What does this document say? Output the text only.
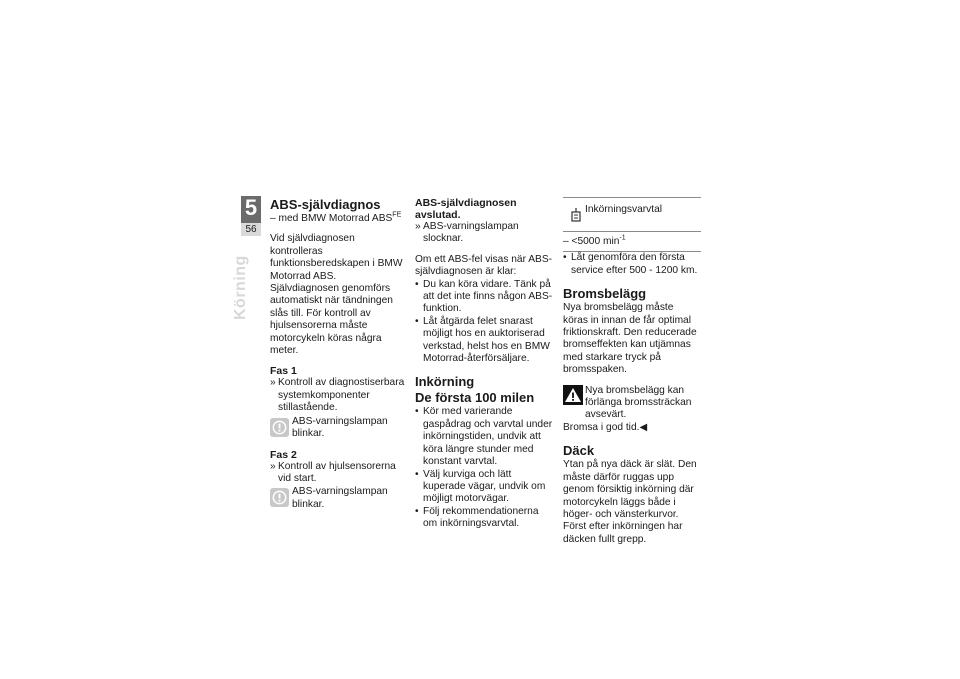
5
56
Körning
ABS-självdiagnos

– med BMW Motorrad $ABS^{FE}$

Vid självdiagnosen kontrolleras funktionsberedskapen i BMW Motorrad ABS. Självdiagnosen genomförs automatiskt när tändningen slås till. För kontroll av hjulsensorerna måste motorcykeln köras några meter.

Fas 1
» Kontroll av diagnostiserbara systemkomponenter stillastående.
ABS-varningslampan blinkar.
Fas 2
» Kontroll av hjulsensorerna vid start.
ABS-varningslampan blinkar.
ABS-självdiagnosen avslutad.
» ABS-varningslampan slocknar.

Om ett ABS-fel visas när ABS-självdiagnosen är klar:

• Du kan köra vidare. Tänk på att det inte finns någon ABS-funktion.
• Låt åtgärda felet snarast möjligt hos en auktoriserad verkstad, helst hos en BMW Motorrad-återförsäljare.
Inkörning
De första 100 milen
• Kör med varierande gaspådrag och varvtal under inkörningstiden, undvik att köra längre stunder med konstant varvtal.
• Välj kurviga och lätt kuperade vägar, undvik om möjligt motorvägar.
• Följ rekommendationerna om inkörningsvarvtal.
Inkörningsvarvtal
– <5000 $\min^{-1}$
• Låt genomföra den första service efter 500 - 1200 km.
Bromsbelägg

Nya bromsbelägg måste köras in innan de får optimal friktionskraft. Den reducerade bromseffekten kan utjämnas med starkare tryck på bromsspaken.

Nya bromsbelägg kan förlänga bromssträckan avsevärt.

Bromsa i god tid.◀

Däck

Ytan på nya däck är slät. Den måste därför ruggas upp genom försiktig inkörning där motorcykeln läggs både i höger- och vänsterkurvor. Först efter inkörningen har däcken fullt grepp.
